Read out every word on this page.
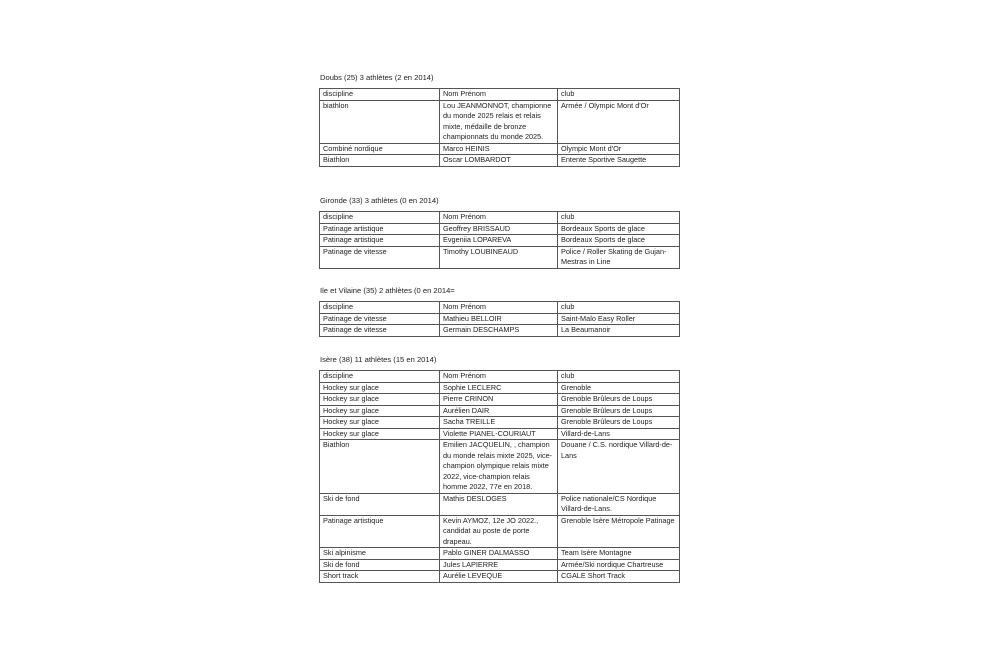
Doubs (25) 3 athlètes (2 en 2014)
discipline	Nom Prénom	club
biathlon	Lou JEANMONNOT, championne du monde 2025 relais et relais mixte, médaille de bronze championnats du monde 2025.	Armée / Olympic Mont d'Or
Combiné nordique	Marco HEINIS	Olympic Mont d'Or
Biathlon	Oscar LOMBARDOT	Entente Sportive Saugette
Gironde (33) 3 athlètes (0 en 2014)
discipline	Nom Prénom	club
Patinage artistique	Geoffrey BRISSAUD	Bordeaux Sports de glace
Patinage artistique	Evgeniia LOPAREVA	Bordeaux Sports de glace
Patinage de vitesse	Timothy LOUBINEAUD	Police / Roller Skating de Gujan-Mestras in Line
Ile et Vilaine (35) 2 athlètes (0 en 2014=
discipline	Nom Prénom	club
Patinage de vitesse	Mathieu BELLOIR	Saint-Malo Easy Roller
Patinage de vitesse	Germain DESCHAMPS	La Beaumanoir
Isère (38) 11 athlètes (15 en 2014)
discipline	Nom Prénom	club
Hockey sur glace	Sophie LECLERC	Grenoble
Hockey sur glace	Pierre CRINON	Grenoble Brûleurs de Loups
Hockey sur glace	Aurélien DAIR	Grenoble Brûleurs de Loups
Hockey sur glace	Sacha TREILLE	Grenoble Brûleurs de Loups
Hockey sur glace	Violette PIANEL-COURIAUT	Villard-de-Lans
Biathlon	Emilien JACQUELIN, , champion du monde relais mixte 2025, vice-champion olympique relais mixte 2022, vice-champion relais homme 2022, 77e en 2018.	Douane / C.S. nordique Villard-de-Lans
Ski de fond	Mathis DESLOGES	Police nationale/CS Nordique Villard-de-Lans.
Patinage artistique	Kevin AYMOZ, 12e JO 2022., candidat au poste de porte drapeau.	Grenoble Isère Métropole Patinage
Ski alpinisme	Pablo GINER DALMASSO	Team Isère Montagne
Ski de fond	Jules LAPIERRE	Armée/Ski nordique Chartreuse
Short track	Aurélie LEVEQUE	CGALE Short Track
